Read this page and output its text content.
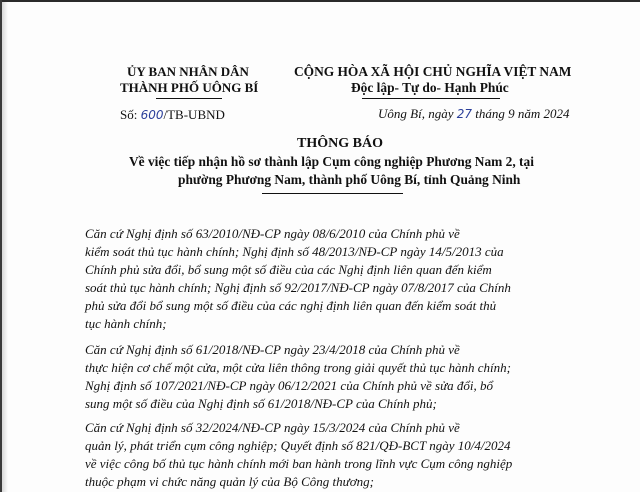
ỦY BAN NHÂN DÂN
THÀNH PHỐ UÔNG BÍ
Số: 600/TB-UBND
CỘNG HÒA XÃ HỘI CHỦ NGHĨA VIỆT NAM
Độc lập- Tự do- Hạnh Phúc
Uông Bí, ngày 27 tháng 9 năm 2024
THÔNG BÁO
Về việc tiếp nhận hồ sơ thành lập Cụm công nghiệp Phương Nam 2, tại
phường Phương Nam, thành phố Uông Bí, tỉnh Quảng Ninh
Căn cứ Nghị định số 63/2010/NĐ-CP ngày 08/6/2010 của Chính phủ về
kiểm soát thủ tục hành chính; Nghị định số 48/2013/NĐ-CP ngày 14/5/2013 của
Chính phủ sửa đổi, bổ sung một số điều của các Nghị định liên quan đến kiểm
soát thủ tục hành chính; Nghị định số 92/2017/NĐ-CP ngày 07/8/2017 của Chính
phủ sửa đổi bổ sung một số điều của các nghị định liên quan đến kiểm soát thủ
tục hành chính;
Căn cứ Nghị định số 61/2018/NĐ-CP ngày 23/4/2018 của Chính phủ về
thực hiện cơ chế một cửa, một cửa liên thông trong giải quyết thủ tục hành chính;
Nghị định số 107/2021/NĐ-CP ngày 06/12/2021 của Chính phủ về sửa đổi, bổ
sung một số điều của Nghị định số 61/2018/NĐ-CP của Chính phủ;
Căn cứ Nghị định số 32/2024/NĐ-CP ngày 15/3/2024 của Chính phủ về
quản lý, phát triển cụm công nghiệp; Quyết định số 821/QĐ-BCT ngày 10/4/2024
về việc công bố thủ tục hành chính mới ban hành trong lĩnh vực Cụm công nghiệp
thuộc phạm vi chức năng quản lý của Bộ Công thương;
